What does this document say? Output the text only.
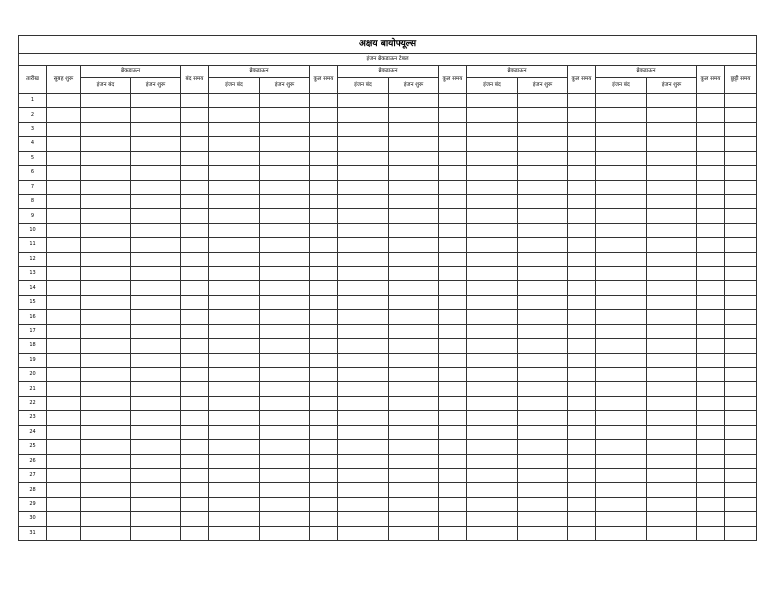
अक्षय बायोफ्यूल्स																	
इंजन ब्रेकडाऊन टेबल																	
तारीख	सुबह शुरू	ब्रेकडाऊन		बंद समय	ब्रेकडाऊन		कुल समय	ब्रेकडाऊन		कुल समय	ब्रेकडाऊन		कुल समय	ब्रेकडाऊन		कुल समय	छुट्टी समय
		इंजन बंद	इंजन शुरू		इंजन बंद	इंजन शुरू		इंजन बंद	इंजन शुरू		इंजन बंद	इंजन शुरू		इंजन बंद	इंजन शुरू		
1																	
2																	
3																	
4																	
5																	
6																	
7																	
8																	
9																	
10																	
11																	
12																	
13																	
14																	
15																	
16																	
17																	
18																	
19																	
20																	
21																	
22																	
23																	
24																	
25																	
26																	
27																	
28																	
29																	
30																	
31																	
